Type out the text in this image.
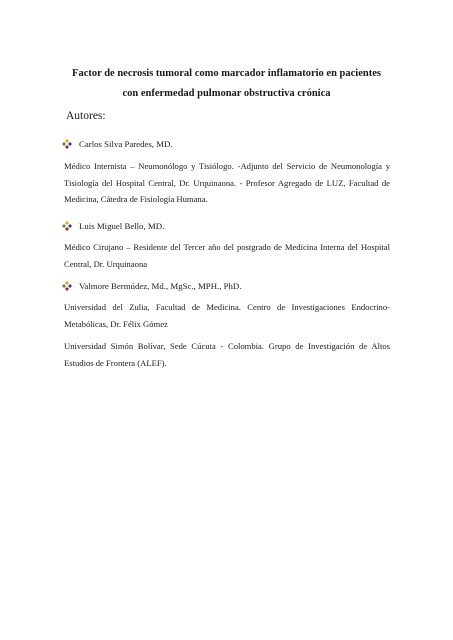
Factor de necrosis tumoral como marcador inflamatorio en pacientes
con enfermedad pulmonar obstructiva crónica
Autores:
Carlos Silva Paredes, MD.
Médico Internista – Neumonólogo y Tisiólogo. -Adjunto del Servicio de Neumonología y Tisiología del Hospital Central, Dr. Urquinaona. - Profesor Agregado de LUZ, Facultad de Medicina, Cátedra de Fisiología Humana.
Luis Miguel Bello, MD.
Médico Cirujano – Residente del Tercer año del postgrado de Medicina Interna del Hospital Central, Dr. Urquinaona
Valmore Bermúdez, Md., MgSc., MPH., PhD.
Universidad del Zulia, Facultad de Medicina. Centro de Investigaciones Endocrino-Metabólicas, Dr. Félix Gómez
Universidad Simón Bolívar, Sede Cúcuta - Colombia. Grupo de Investigación de Altos Estudios de Frontera (ALEF).
